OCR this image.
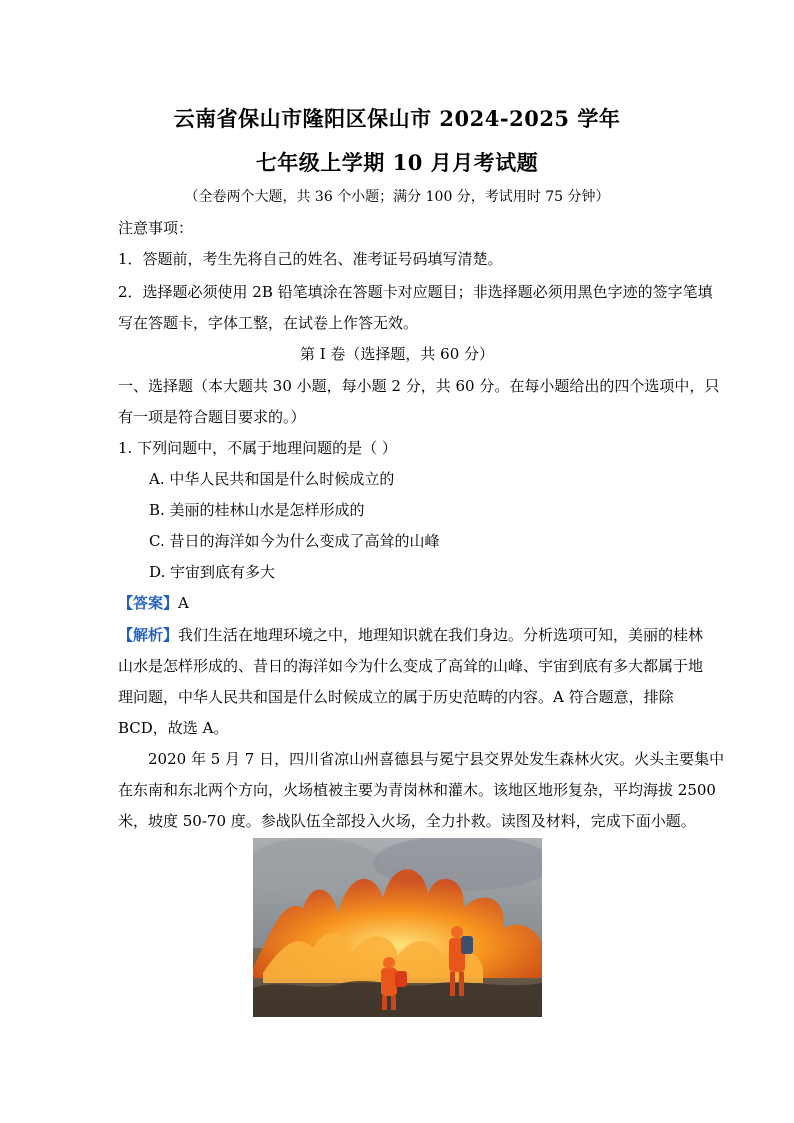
云南省保山市隆阳区保山市 2024-2025 学年
七年级上学期 10 月月考试题
（全卷两个大题，共 36 个小题；满分 100 分，考试用时 75 分钟）
注意事项：
1．答题前，考生先将自己的姓名、准考证号码填写清楚。
2．选择题必须使用 2B 铅笔填涂在答题卡对应题目；非选择题必须用黑色字迹的签字笔填
写在答题卡，字体工整，在试卷上作答无效。
第 I 卷（选择题，共 60 分）
一、选择题（本大题共 30 小题，每小题 2 分，共 60 分。在每小题给出的四个选项中，只
有一项是符合题目要求的。）
1. 下列问题中，不属于地理问题的是（ ）
A. 中华人民共和国是什么时候成立的
B. 美丽的桂林山水是怎样形成的
C. 昔日的海洋如今为什么变成了高耸的山峰
D. 宇宙到底有多大
【答案】A
【解析】我们生活在地理环境之中，地理知识就在我们身边。分析选项可知，美丽的桂林
山水是怎样形成的、昔日的海洋如今为什么变成了高耸的山峰、宇宙到底有多大都属于地
理问题，中华人民共和国是什么时候成立的属于历史范畴的内容。A 符合题意，排除
BCD，故选 A。
2020 年 5 月 7 日，四川省凉山州喜德县与冕宁县交界处发生森林火灾。火头主要集中
在东南和东北两个方向，火场植被主要为青岗林和灌木。该地区地形复杂，平均海拔 2500
米，坡度 50-70 度。参战队伍全部投入火场，全力扑救。读图及材料，完成下面小题。
